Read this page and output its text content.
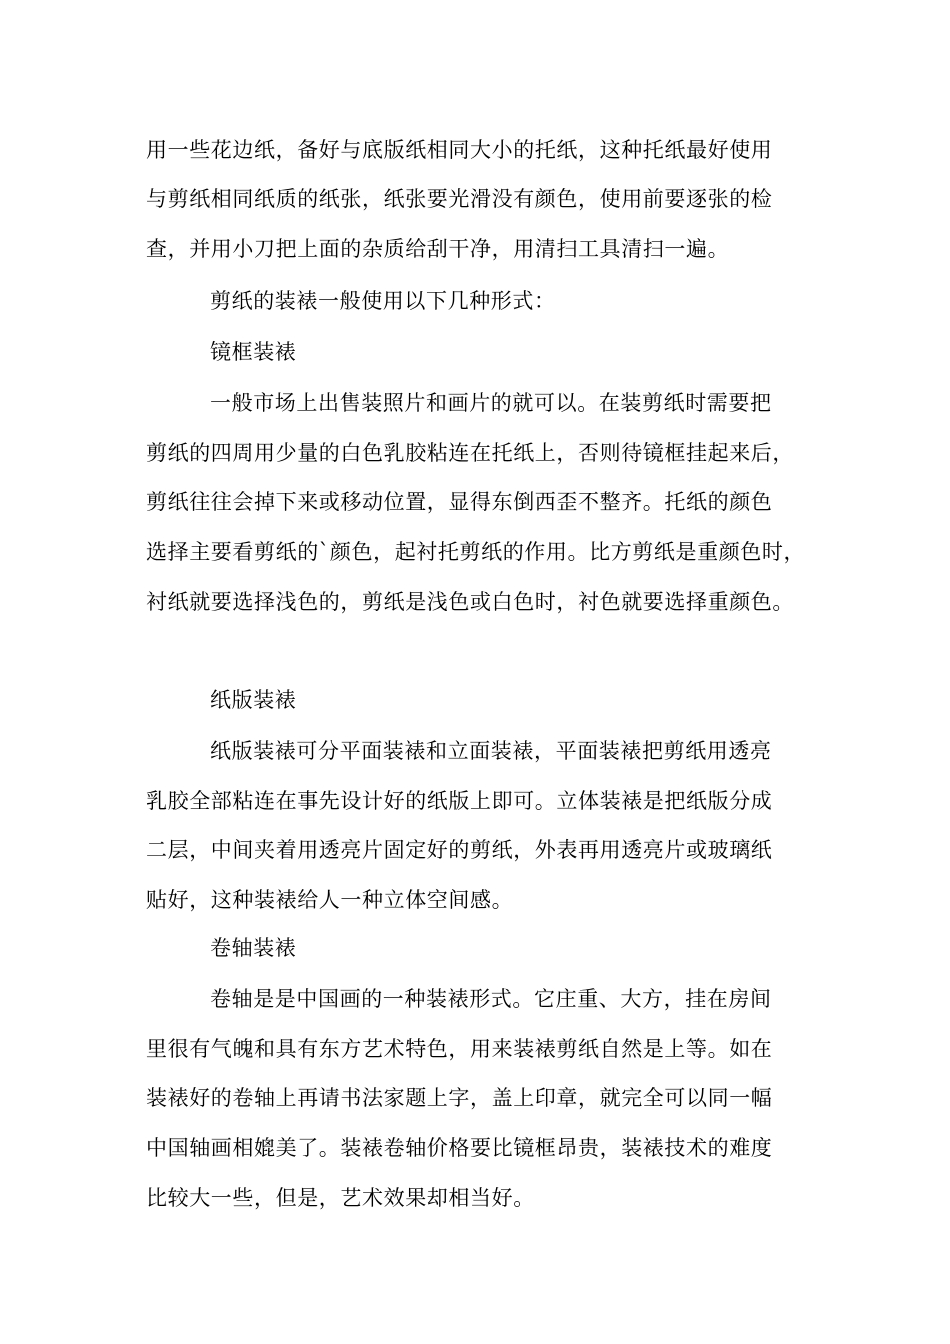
用一些花边纸，备好与底版纸相同大小的托纸，这种托纸最好使用
与剪纸相同纸质的纸张，纸张要光滑没有颜色，使用前要逐张的检
查，并用小刀把上面的杂质给刮干净，用清扫工具清扫一遍。
剪纸的装裱一般使用以下几种形式：
镜框装裱
一般市场上出售装照片和画片的就可以。在装剪纸时需要把
剪纸的四周用少量的白色乳胶粘连在托纸上，否则待镜框挂起来后，
剪纸往往会掉下来或移动位置，显得东倒西歪不整齐。托纸的颜色
选择主要看剪纸的`颜色，起衬托剪纸的作用。比方剪纸是重颜色时，
衬纸就要选择浅色的，剪纸是浅色或白色时，衬色就要选择重颜色。
纸版装裱
纸版装裱可分平面装裱和立面装裱，平面装裱把剪纸用透亮
乳胶全部粘连在事先设计好的纸版上即可。立体装裱是把纸版分成
二层，中间夹着用透亮片固定好的剪纸，外表再用透亮片或玻璃纸
贴好，这种装裱给人一种立体空间感。
卷轴装裱
卷轴是是中国画的一种装裱形式。它庄重、大方，挂在房间
里很有气魄和具有东方艺术特色，用来装裱剪纸自然是上等。如在
装裱好的卷轴上再请书法家题上字，盖上印章，就完全可以同一幅
中国轴画相媲美了。装裱卷轴价格要比镜框昂贵，装裱技术的难度
比较大一些，但是，艺术效果却相当好。
